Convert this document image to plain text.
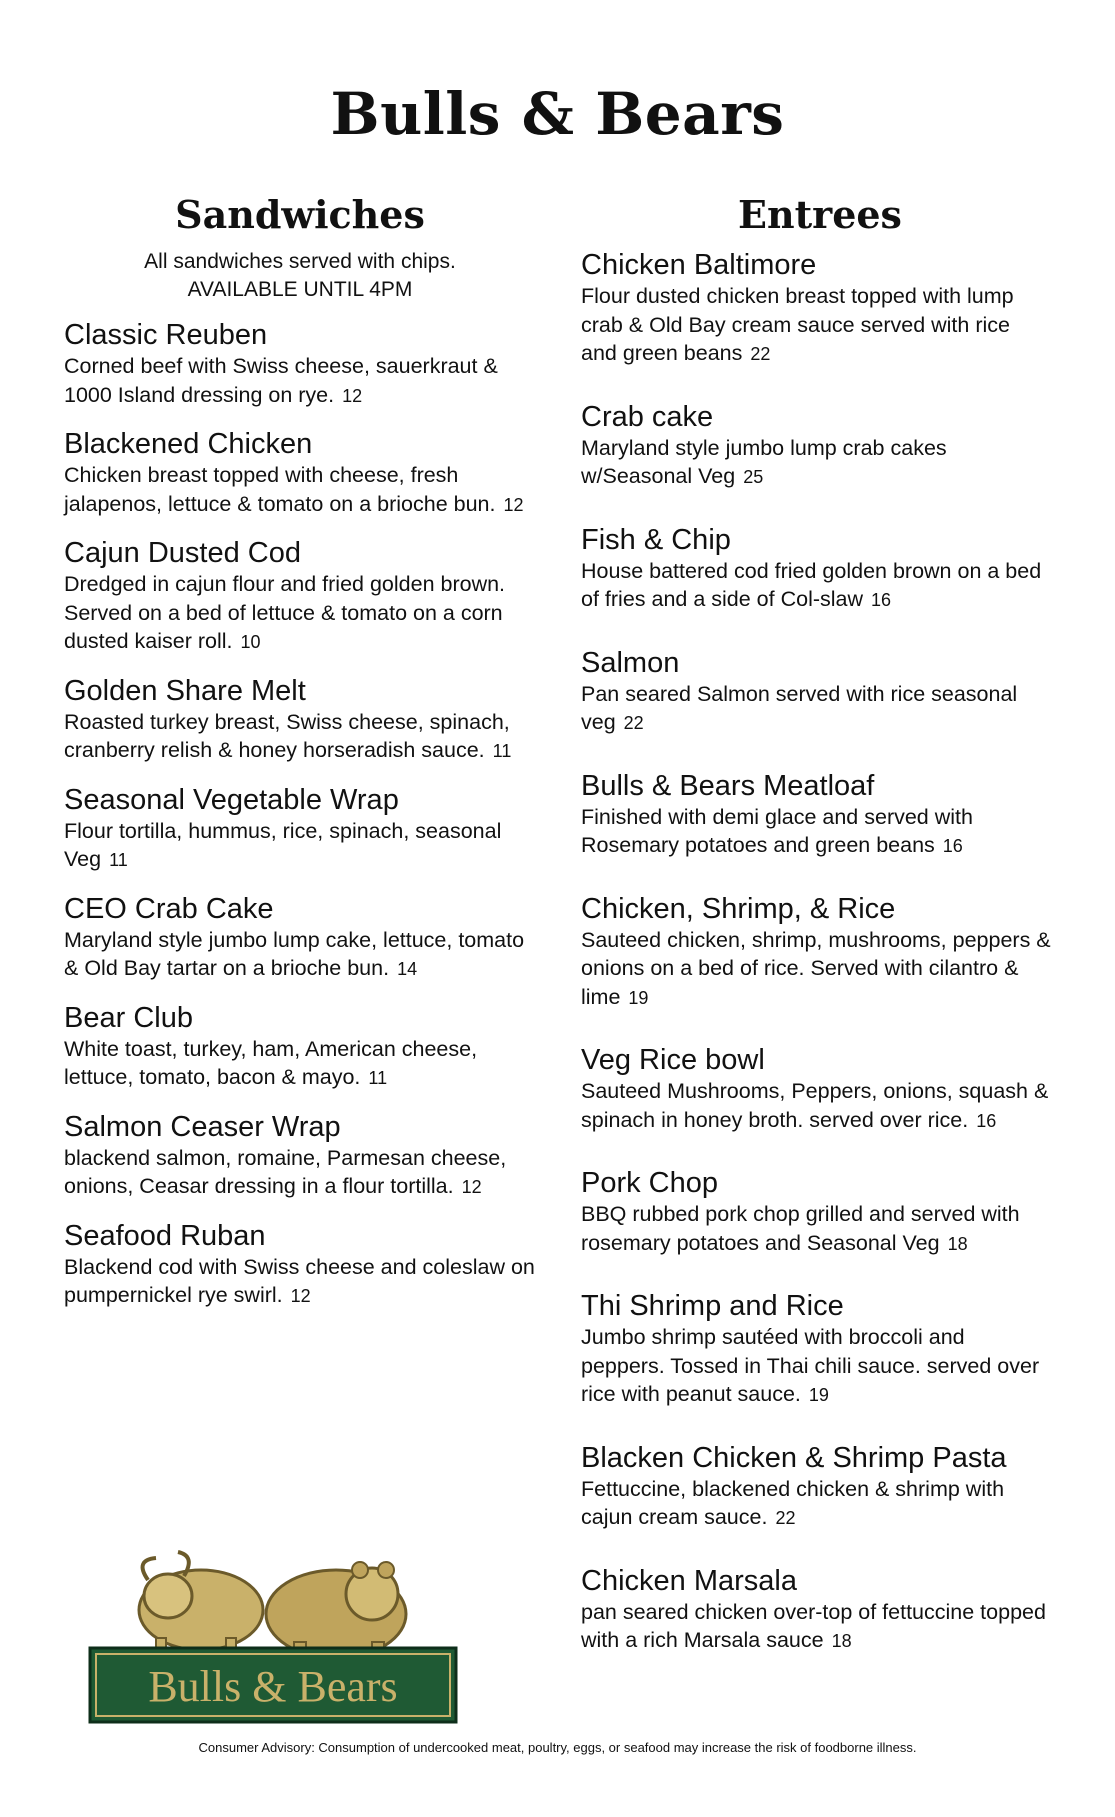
Bulls & Bears
Sandwiches
All sandwiches served with chips.
AVAILABLE UNTIL 4PM
Entrees
Classic Reuben
Corned beef with Swiss cheese, sauerkraut & 1000 Island dressing on rye. 12
Blackened Chicken
Chicken breast topped with cheese, fresh jalapenos, lettuce & tomato on a brioche bun. 12
Cajun Dusted Cod
Dredged in cajun flour and fried golden brown. Served on a bed of lettuce & tomato on a corn dusted kaiser roll. 10
Golden Share Melt
Roasted turkey breast, Swiss cheese, spinach, cranberry relish & honey horseradish sauce. 11
Seasonal Vegetable Wrap
Flour tortilla, hummus, rice, spinach, seasonal Veg 11
CEO Crab Cake
Maryland style jumbo lump cake, lettuce, tomato & Old Bay tartar on a brioche bun. 14
Bear Club
White toast, turkey, ham, American cheese, lettuce, tomato, bacon & mayo. 11
Salmon Ceaser Wrap
blackend salmon, romaine, Parmesan cheese, onions, Ceasar dressing in a flour tortilla. 12
Seafood Ruban
Blackend cod with Swiss cheese and coleslaw on pumpernickel rye swirl. 12
Chicken Baltimore
Flour dusted chicken breast topped with lump crab & Old Bay cream sauce served with rice and green beans 22
Crab cake
Maryland style jumbo lump crab cakes w/Seasonal Veg 25
Fish & Chip
House battered cod fried golden brown on a bed of fries and a side of Col-slaw 16
Salmon
Pan seared Salmon served with rice seasonal veg 22
Bulls & Bears Meatloaf
Finished with demi glace and served with Rosemary potatoes and green beans 16
Chicken, Shrimp, & Rice
Sauteed chicken, shrimp, mushrooms, peppers & onions on a bed of rice. Served with cilantro & lime 19
Veg Rice bowl
Sauteed Mushrooms, Peppers, onions, squash & spinach in honey broth. served over rice. 16
Pork Chop
BBQ rubbed pork chop grilled and served with rosemary potatoes and Seasonal Veg 18
Thi Shrimp and Rice
Jumbo shrimp sautéed with broccoli and peppers. Tossed in Thai chili sauce. served over rice with peanut sauce. 19
Blacken Chicken & Shrimp Pasta
Fettuccine, blackened chicken & shrimp with cajun cream sauce. 22
Chicken Marsala
pan seared chicken over-top of fettuccine topped with a rich Marsala sauce 18
Bulls & Bears
Consumer Advisory: Consumption of undercooked meat, poultry, eggs, or seafood may increase the risk of foodborne illness.
